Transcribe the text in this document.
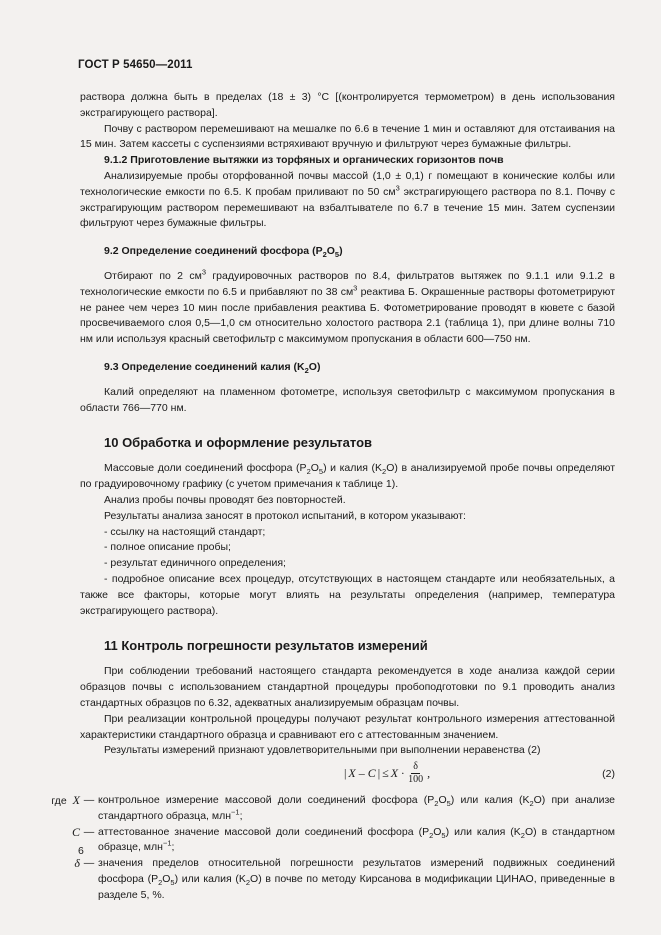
ГОСТ Р 54650—2011

раствора должна быть в пределах (18 ± 3) °С [(контролируется термометром) в день использования экстрагирующего раствора].

Почву с раствором перемешивают на мешалке по 6.6 в течение 1 мин и оставляют для отстаивания на 15 мин. Затем кассеты с суспензиями встряхивают вручную и фильтруют через бумажные фильтры.

9.1.2 Приготовление вытяжки из торфяных и органических горизонтов почв

Анализируемые пробы оторфованной почвы массой (1,0 ± 0,1) г помещают в конические колбы или технологические емкости по 6.5. К пробам приливают по 50 $см^3$ экстрагирующего раствора по 8.1. Почву с экстрагирующим раствором перемешивают на взбалтывателе по 6.7 в течение 15 мин. Затем суспензии фильтруют через бумажные фильтры.

9.2 Определение соединений фосфора $(P_2O_5)$

Отбирают по 2 $см^3$ градуировочных растворов по 8.4, фильтратов вытяжек по 9.1.1 или 9.1.2 в технологические емкости по 6.5 и прибавляют по 38 $см^3$ реактива Б. Окрашенные растворы фотометрируют не ранее чем через 10 мин после прибавления реактива Б. Фотометрирование проводят в кювете с базой просвечиваемого слоя 0,5—1,0 см относительно холостого раствора 2.1 (таблица 1), при длине волны 710 нм или используя красный светофильтр с максимумом пропускания в области 600—750 нм.

9.3 Определение соединений калия $(K_2O)$

Калий определяют на пламенном фотометре, используя светофильтр с максимумом пропускания в области 766—770 нм.

10 Обработка и оформление результатов

Массовые доли соединений фосфора $(P_2O_5)$ и калия $(K_2O)$ в анализируемой пробе почвы определяют по градуировочному графику (с учетом примечания к таблице 1).

Анализ пробы почвы проводят без повторностей.

Результаты анализа заносят в протокол испытаний, в котором указывают:

- ссылку на настоящий стандарт;

- полное описание пробы;

- результат единичного определения;

- подробное описание всех процедур, отсутствующих в настоящем стандарте или необязательных, а также все факторы, которые могут влиять на результаты определения (например, температура экстрагирующего раствора).

11 Контроль погрешности результатов измерений

При соблюдении требований настоящего стандарта рекомендуется в ходе анализа каждой серии образцов почвы с использованием стандартной процедуры пробоподготовки по 9.1 проводить анализ стандартных образцов по 6.32, адекватных анализируемым образцам почвы.

При реализации контрольной процедуры получают результат контрольного измерения аттестованной характеристики стандартного образца и сравнивают его с аттестованным значением.

Результаты измерений признают удовлетворительными при выполнении неравенства (2)

| X – C | ≤ $X \cdot \frac{\delta}{100}$ ,	(2)
где X — контрольное измерение массовой доли соединений фосфора $(P_2O_5)$ или калия $(K_2O)$ при анализе стандартного образца, млн$^{-1}$;
C — аттестованное значение массовой доли соединений фосфора $(P_2O_5)$ или калия $(K_2O)$ в стандартном образце, млн$^{-1}$;
δ — значения пределов относительной погрешности результатов измерений подвижных соединений фосфора $(P_2O_5)$ или калия $(K_2O)$ в почве по методу Кирсанова в модификации ЦИНАО, приведенные в разделе 5, %.
6
